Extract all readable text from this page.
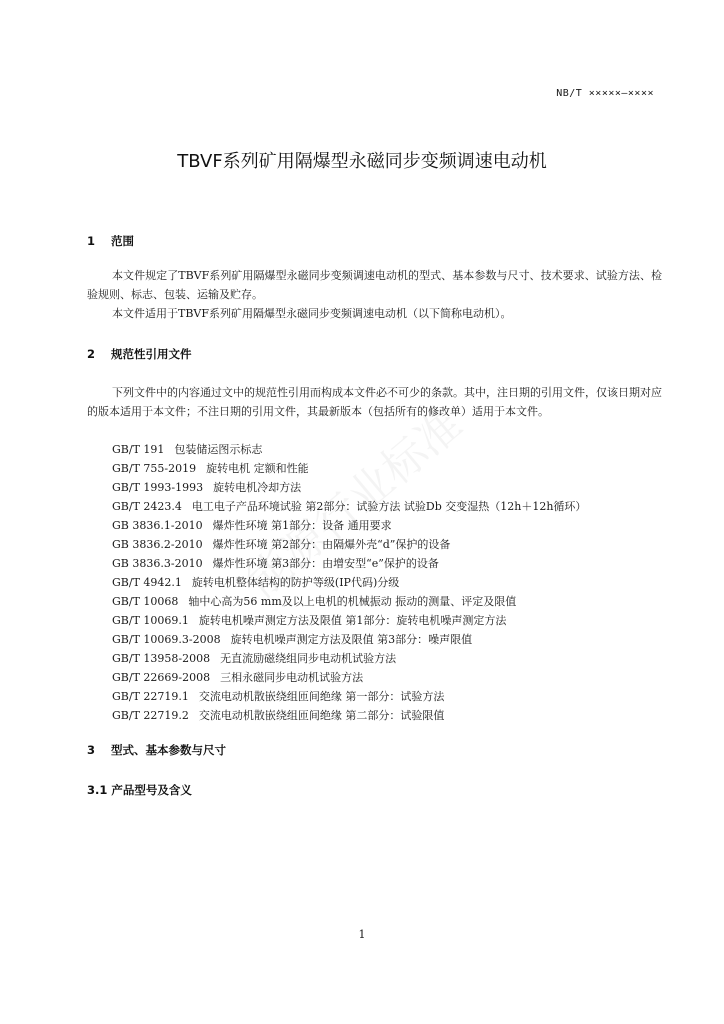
NB/T ×××××—××××
TBVF系列矿用隔爆型永磁同步变频调速电动机
1 范围

本文件规定了TBVF系列矿用隔爆型永磁同步变频调速电动机的型式、基本参数与尺寸、技术要求、试验方法、检验规则、标志、包装、运输及贮存。

本文件适用于TBVF系列矿用隔爆型永磁同步变频调速电动机（以下简称电动机）。

2 规范性引用文件

下列文件中的内容通过文中的规范性引用而构成本文件必不可少的条款。其中，注日期的引用文件，仅该日期对应的版本适用于本文件；不注日期的引用文件，其最新版本（包括所有的修改单）适用于本文件。

GB/T 191 包装储运图示标志
GB/T 755-2019 旋转电机 定额和性能
GB/T 1993-1993 旋转电机冷却方法
GB/T 2423.4 电工电子产品环境试验 第2部分：试验方法 试验Db 交变湿热（12h＋12h循环）
GB 3836.1-2010 爆炸性环境 第1部分：设备 通用要求
GB 3836.2-2010 爆炸性环境 第2部分：由隔爆外壳“d”保护的设备
GB 3836.3-2010 爆炸性环境 第3部分：由增安型“e”保护的设备
GB/T 4942.1 旋转电机整体结构的防护等级(IP代码)分级
GB/T 10068 轴中心高为56 mm及以上电机的机械振动 振动的测量、评定及限值
GB/T 10069.1 旋转电机噪声测定方法及限值 第1部分：旋转电机噪声测定方法
GB/T 10069.3-2008 旋转电机噪声测定方法及限值 第3部分：噪声限值
GB/T 13958-2008 无直流励磁绕组同步电动机试验方法
GB/T 22669-2008 三相永磁同步电动机试验方法
GB/T 22719.1 交流电动机散嵌绕组匝间绝缘 第一部分：试验方法
GB/T 22719.2 交流电动机散嵌绕组匝间绝缘 第二部分：试验限值
3 型式、基本参数与尺寸
3.1 产品型号及含义
1
